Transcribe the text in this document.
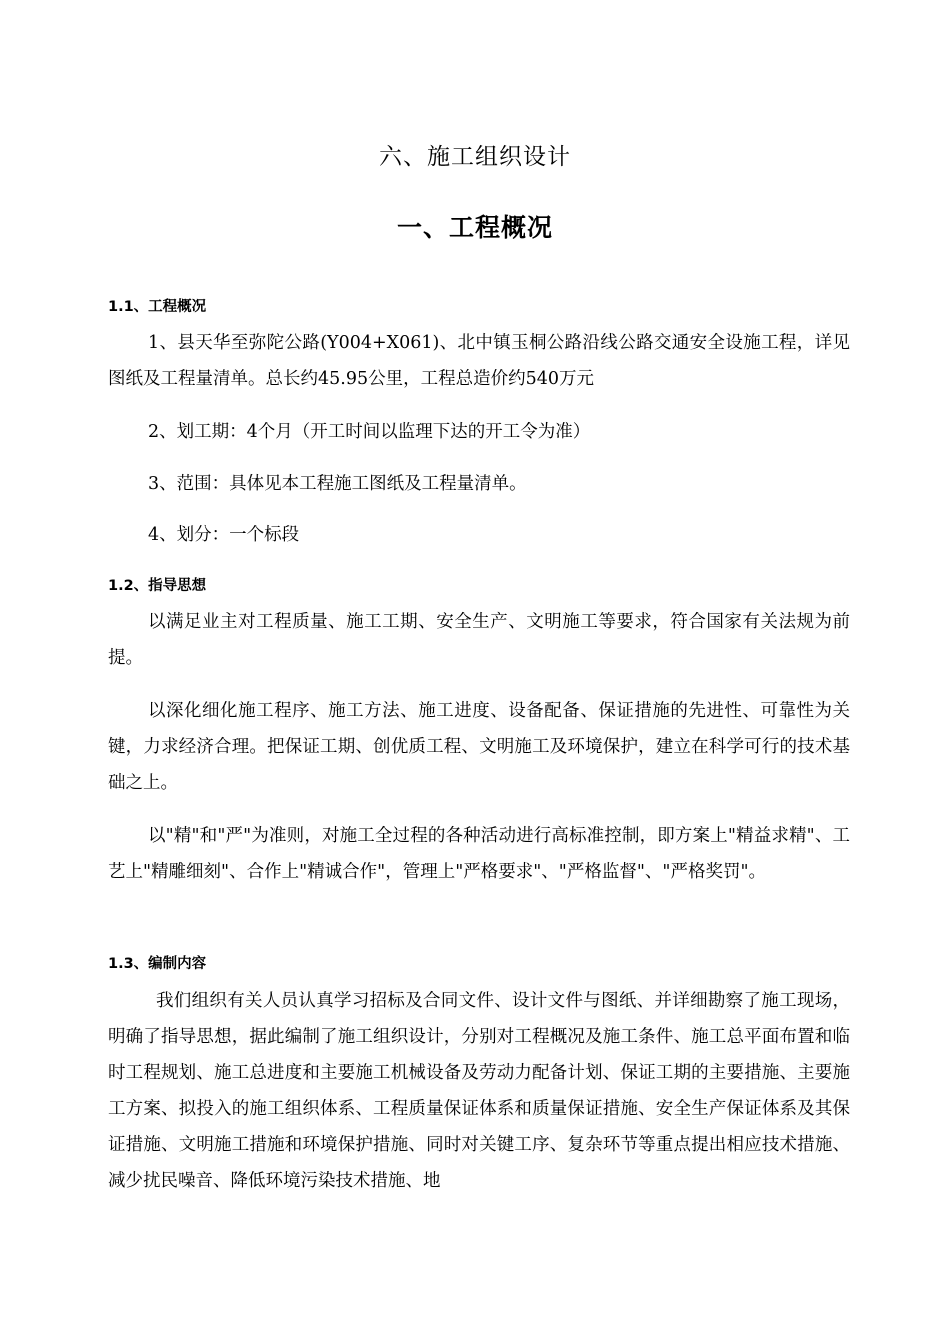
六、施工组织设计
一、工程概况
1.1、工程概况

1、县天华至弥陀公路(Y004+X061)、北中镇玉桐公路沿线公路交通安全设施工程，详见图纸及工程量清单。总长约45.95公里，工程总造价约540万元

2、划工期：4个月（开工时间以监理下达的开工令为准）

3、范围：具体见本工程施工图纸及工程量清单。

4、划分：一个标段

1.2、指导思想

以满足业主对工程质量、施工工期、安全生产、文明施工等要求，符合国家有关法规为前提。

以深化细化施工程序、施工方法、施工进度、设备配备、保证措施的先进性、可靠性为关键，力求经济合理。把保证工期、创优质工程、文明施工及环境保护，建立在科学可行的技术基础之上。

以"精"和"严"为准则，对施工全过程的各种活动进行高标准控制，即方案上"精益求精"、工艺上"精雕细刻"、合作上"精诚合作"，管理上"严格要求"、"严格监督"、"严格奖罚"。

1.3、编制内容

我们组织有关人员认真学习招标及合同文件、设计文件与图纸、并详细勘察了施工现场，明确了指导思想，据此编制了施工组织设计，分别对工程概况及施工条件、施工总平面布置和临时工程规划、施工总进度和主要施工机械设备及劳动力配备计划、保证工期的主要措施、主要施工方案、拟投入的施工组织体系、工程质量保证体系和质量保证措施、安全生产保证体系及其保证措施、文明施工措施和环境保护措施、同时对关键工序、复杂环节等重点提出相应技术措施、减少扰民噪音、降低环境污染技术措施、地
